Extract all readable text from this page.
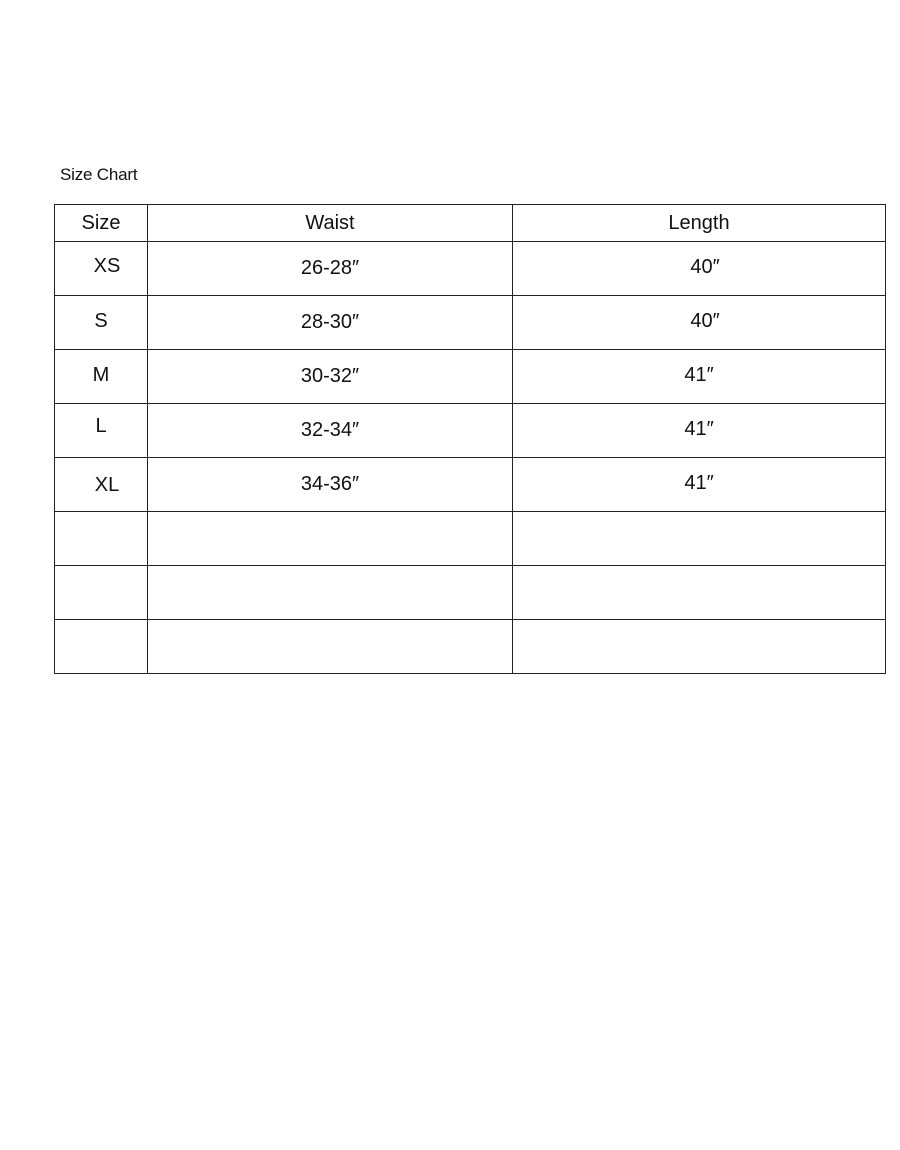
Size Chart
Size	Waist	Length
XS	26-28″	40″
S	28-30″	40″
M	30-32″	41″
L	32-34″	41″
XL	34-36″	41″
